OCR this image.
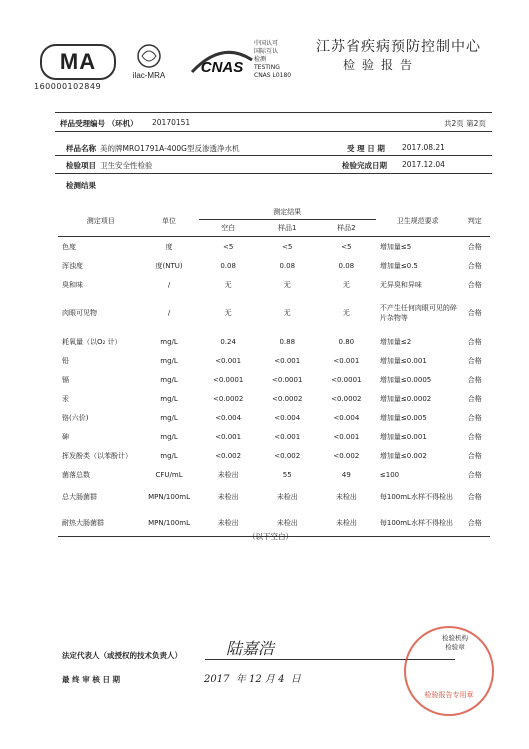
MA
160000102849
ilac-MRA CNAS
中国认可
国际互认
检测
TESTING
CNAS L0180
江苏省疾病预防控制中心
检验报告
样品受理编号 （环机） 20170151	共2页 第2页
样品名称 美的牌MRO1791A-400G型反渗透净水机	受 理 日 期 2017.08.21
检验项目 卫生安全性检验	检验完成日期 2017.12.04
检测结果
测定项目	单位	测定结果			卫生规范要求	判定
		空白	样品1	样品2		
色度	度	<5	<5	<5	增加量≤5	合格
浑浊度	度(NTU)	0.08	0.08	0.08	增加量≤0.5	合格
臭和味	/	无	无	无	无异臭和异味	合格
肉眼可见物	/	无	无	无	不产生任何肉眼可见的碎片杂物等	合格
耗氧量（以O₂ 计）	mg/L	0.24	0.88	0.80	增加量≤2	合格
铅	mg/L	<0.001	<0.001	<0.001	增加量≤0.001	合格
镉	mg/L	<0.0001	<0.0001	<0.0001	增加量≤0.0005	合格
汞	mg/L	<0.0002	<0.0002	<0.0002	增加量≤0.0002	合格
铬(六价)	mg/L	<0.004	<0.004	<0.004	增加量≤0.005	合格
砷	mg/L	<0.001	<0.001	<0.001	增加量≤0.001	合格
挥发酚类（以苯酚计）	mg/L	<0.002	<0.002	<0.002	增加量≤0.002	合格
菌落总数	CFU/mL	未检出	55	49	≤100	合格
总大肠菌群	MPN/100mL	未检出	未检出	未检出	每100mL水样不得检出	合格
耐热大肠菌群	MPN/100mL	未检出	未检出	未检出	每100mL水样不得检出	合格
（以下空白）
法定代表人（或授权的技术负责人）	陆嘉浩
最 终 审 核 日 期	2017  年 12 月 4  日
检验机构检验章
检验报告专用章
